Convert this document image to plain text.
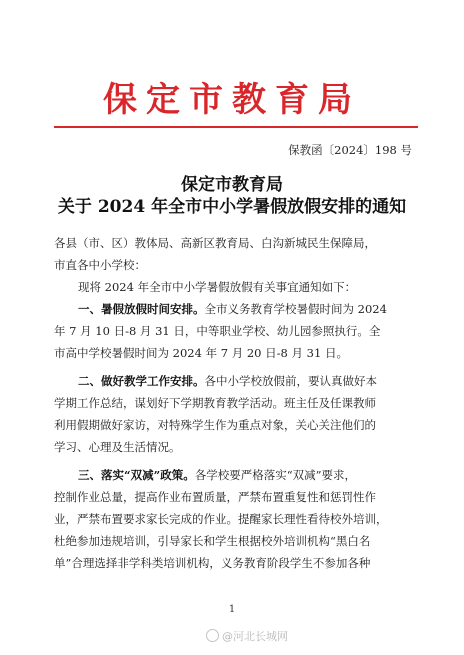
保定市教育局
保教函〔2024〕198 号
保定市教育局
关于 2024 年全市中小学暑假放假安排的通知
各县（市、区）教体局、高新区教育局、白沟新城民生保障局，
市直各中小学校：
现将 2024 年全市中小学暑假放假有关事宜通知如下：
一、暑假放假时间安排。全市义务教育学校暑假时间为 2024
年 7 月 10 日-8 月 31 日，中等职业学校、幼儿园参照执行。全
市高中学校暑假时间为 2024 年 7 月 20 日-8 月 31 日。
二、做好教学工作安排。各中小学校放假前，要认真做好本
学期工作总结，谋划好下学期教育教学活动。班主任及任课教师
利用假期做好家访，对特殊学生作为重点对象，关心关注他们的
学习、心理及生活情况。
三、落实“双减”政策。各学校要严格落实“双减”要求，
控制作业总量，提高作业布置质量，严禁布置重复性和惩罚性作
业，严禁布置要求家长完成的作业。提醒家长理性看待校外培训，
杜绝参加违规培训，引导家长和学生根据校外培训机构“黑白名
单”合理选择非学科类培训机构，义务教育阶段学生不参加各种
1
@河北长城网
